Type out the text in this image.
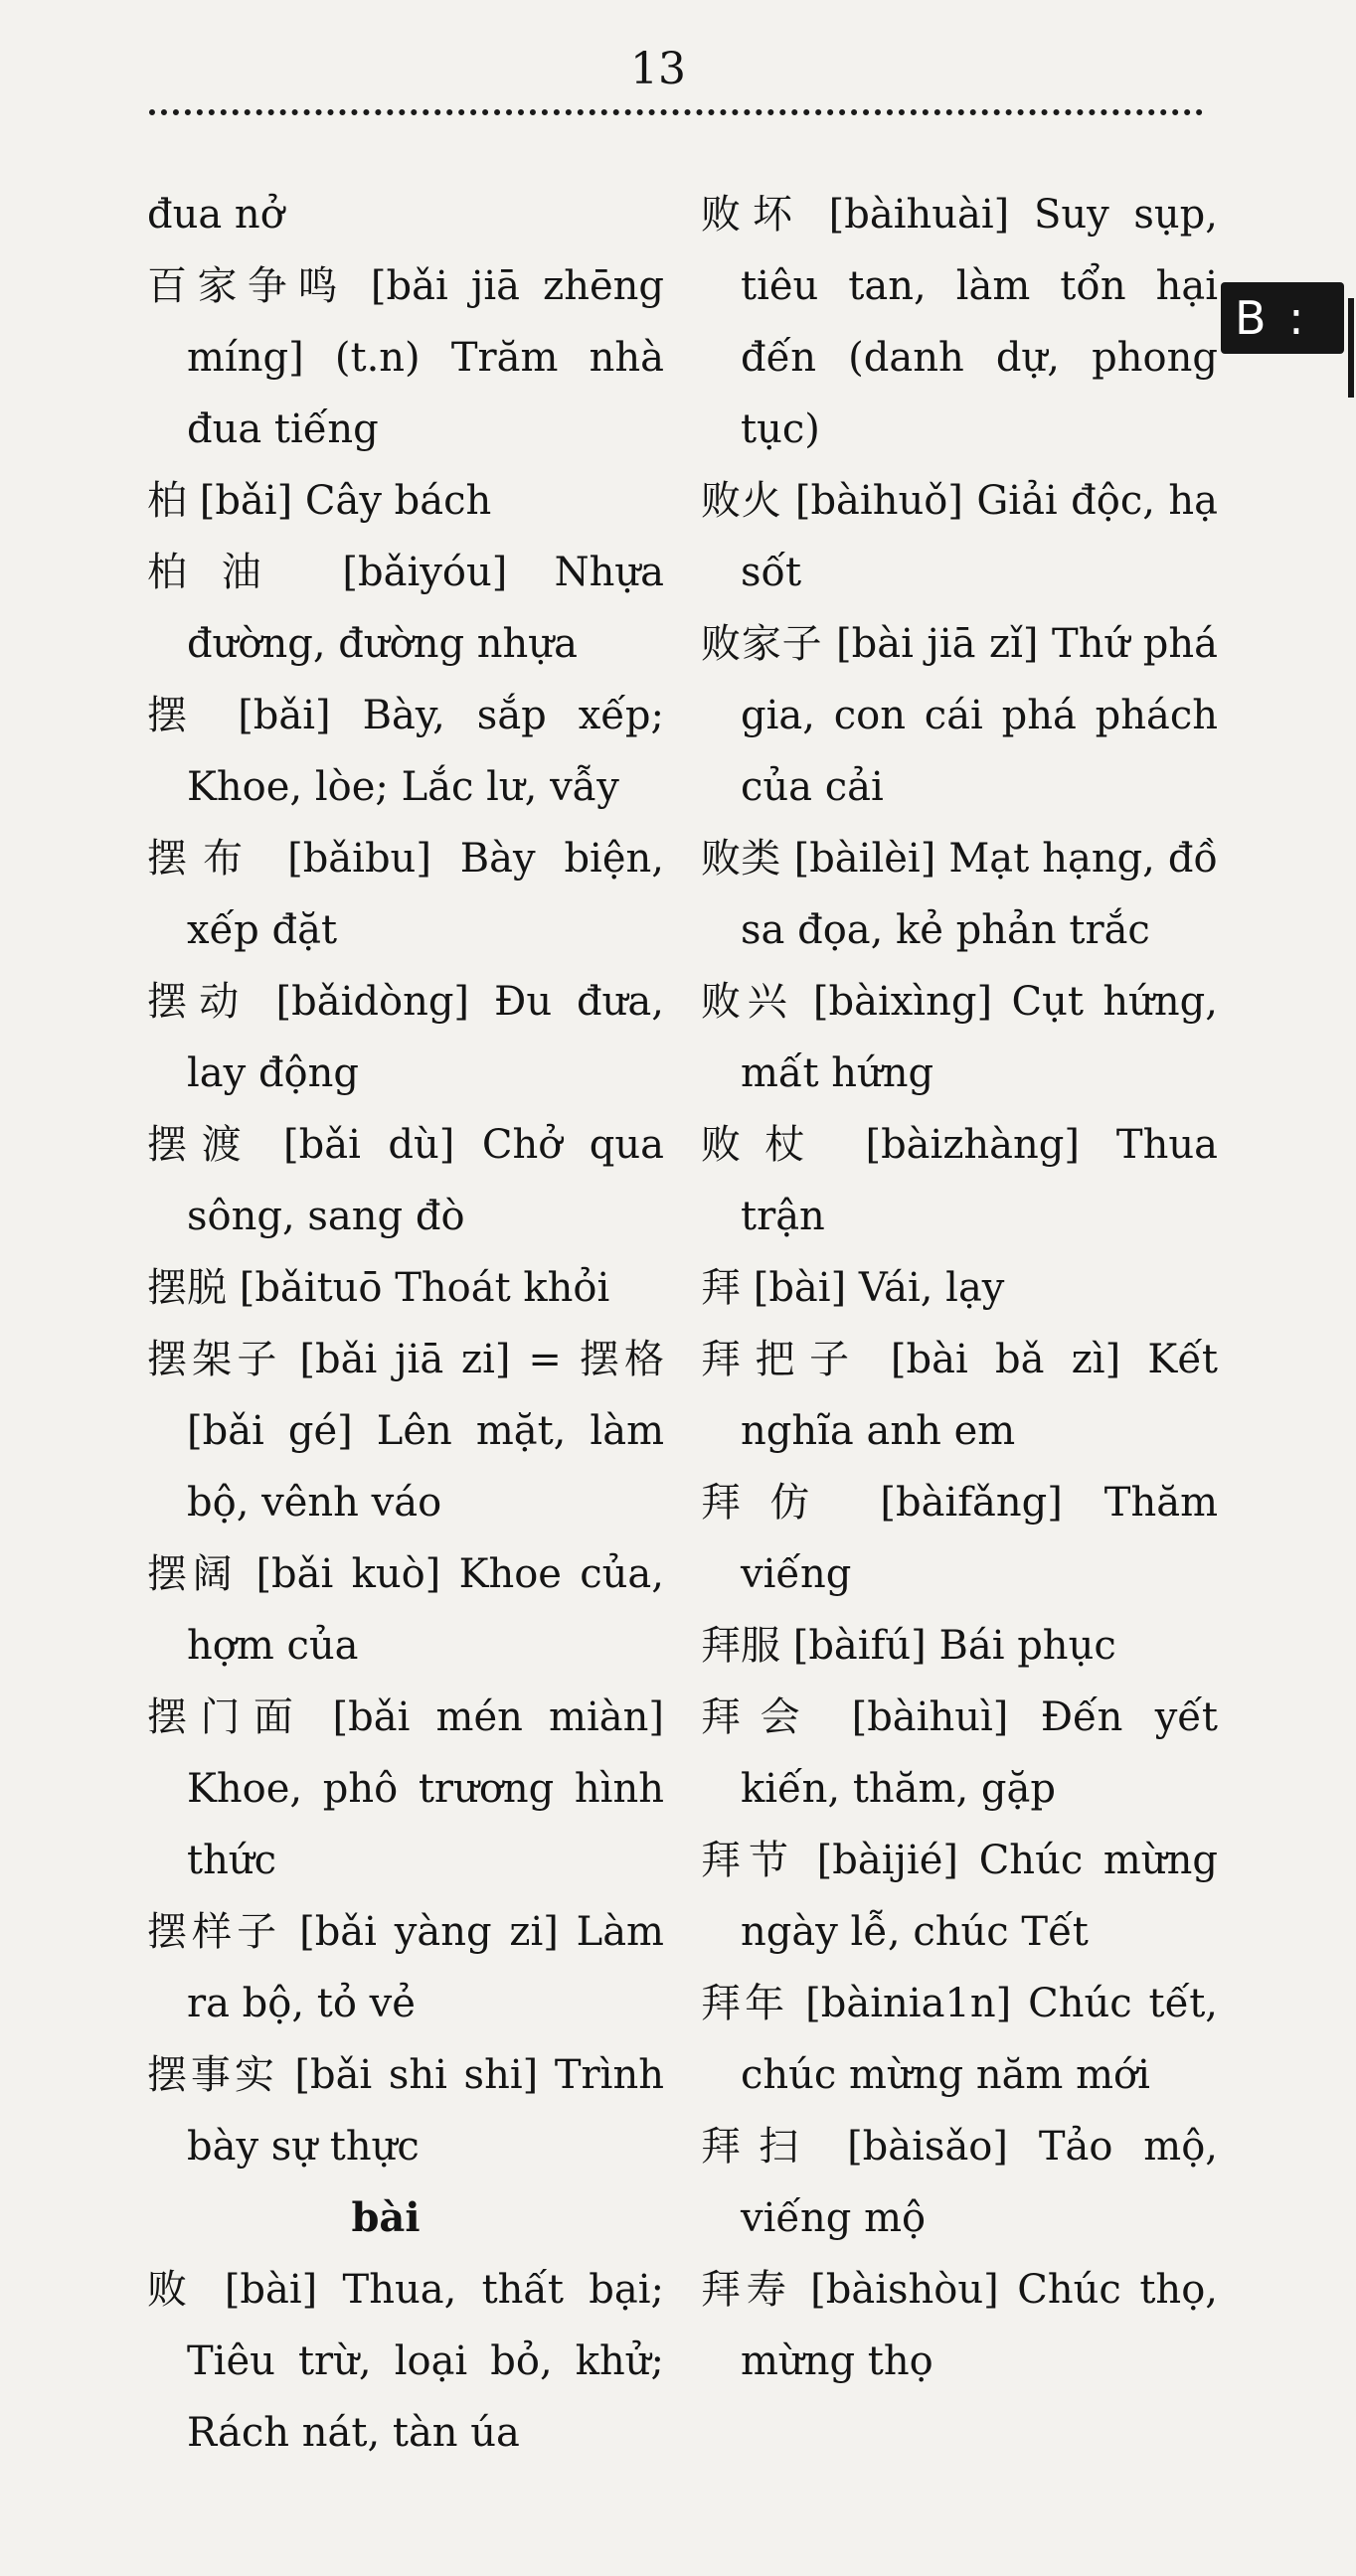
13
B :

đua nở

百家争鸣 [bǎi jiā zhēng míng] (t.n) Trăm nhà đua tiếng

柏 [bǎi] Cây bách

柏油 [bǎiyóu] Nhựa đường, đường nhựa

摆 [bǎi] Bày, sắp xếp; Khoe, lòe; Lắc lư, vẫy

摆布 [bǎibu] Bày biện, xếp đặt

摆动 [bǎidòng] Đu đưa, lay động

摆渡 [bǎi dù] Chở qua sông, sang đò

摆脱 [bǎituō Thoát khỏi

摆架子 [bǎi jiā zi] = 摆格 [bǎi gé] Lên mặt, làm bộ, vênh váo

摆阔 [bǎi kuò] Khoe của, hợm của

摆门面 [bǎi mén miàn] Khoe, phô trương hình thức

摆样子 [bǎi yàng zi] Làm ra bộ, tỏ vẻ

摆事实 [bǎi shi shi] Trình bày sự thực

bài

败 [bài] Thua, thất bại; Tiêu trừ, loại bỏ, khử; Rách nát, tàn úa

败坏 [bàihuài] Suy sụp, tiêu tan, làm tổn hại đến (danh dự, phong tục)

败火 [bàihuǒ] Giải độc, hạ sốt

败家子 [bài jiā zǐ] Thứ phá gia, con cái phá phách của cải

败类 [bàilèi] Mạt hạng, đồ sa đọa, kẻ phản trắc

败兴 [bàixìng] Cụt hứng, mất hứng

败杖 [bàizhàng] Thua trận

拜 [bài] Vái, lạy

拜把子 [bài bǎ zì] Kết nghĩa anh em

拜仿 [bàifǎng] Thăm viếng

拜服 [bàifú] Bái phục

拜会 [bàihuì] Đến yết kiến, thăm, gặp

拜节 [bàijié] Chúc mừng ngày lễ, chúc Tết

拜年 [bàinia1n] Chúc tết, chúc mừng năm mới

拜扫 [bàisǎo] Tảo mộ, viếng mộ

拜寿 [bàishòu] Chúc thọ, mừng thọ
